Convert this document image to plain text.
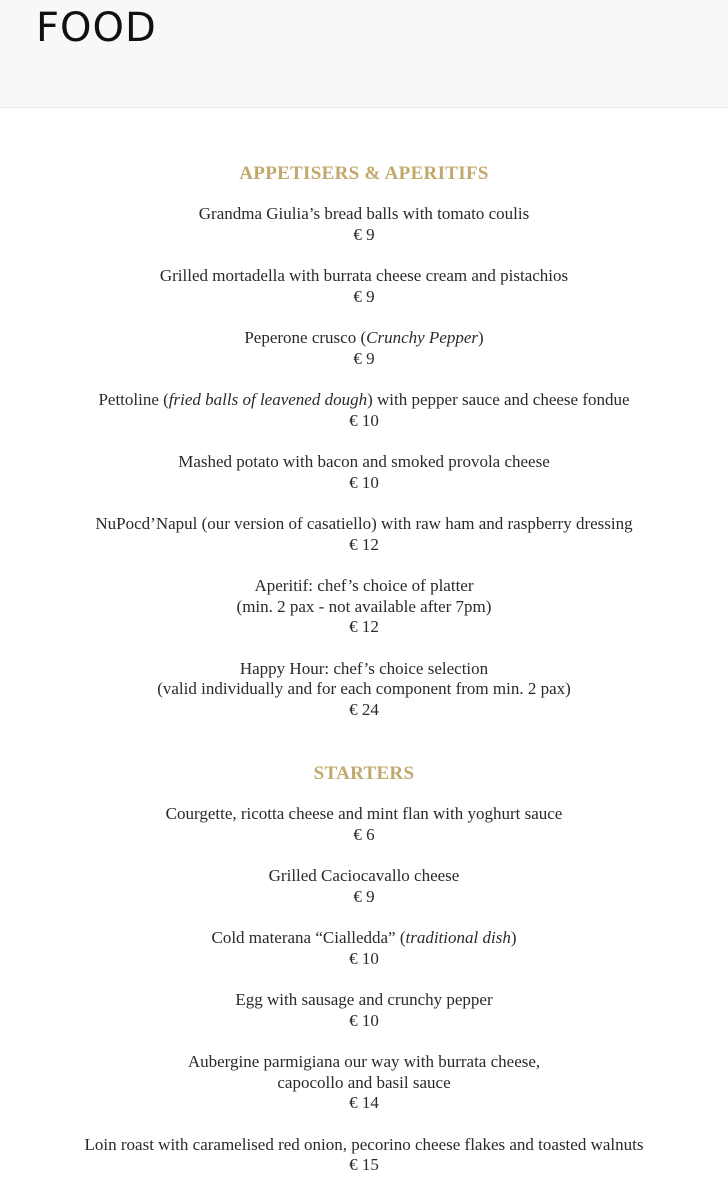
FOOD
APPETISERS & APERITIFS
Grandma Giulia’s bread balls with tomato coulis
€ 9
Grilled mortadella with burrata cheese cream and pistachios
€ 9
Peperone crusco (Crunchy Pepper)
€ 9
Pettoline (fried balls of leavened dough) with pepper sauce and cheese fondue
€ 10
Mashed potato with bacon and smoked provola cheese
€ 10
NuPocd’Napul (our version of casatiello) with raw ham and raspberry dressing
€ 12
Aperitif: chef’s choice of platter
(min. 2 pax - not available after 7pm)
€ 12
Happy Hour: chef’s choice selection
(valid individually and for each component from min. 2 pax)
€ 24
STARTERS
Courgette, ricotta cheese and mint flan with yoghurt sauce
€ 6
Grilled Caciocavallo cheese
€ 9
Cold materana “Cialledda” (traditional dish)
€ 10
Egg with sausage and crunchy pepper
€ 10
Aubergine parmigiana our way with burrata cheese,
capocollo and basil sauce
€ 14
Loin roast with caramelised red onion, pecorino cheese flakes and toasted walnuts
€ 15
